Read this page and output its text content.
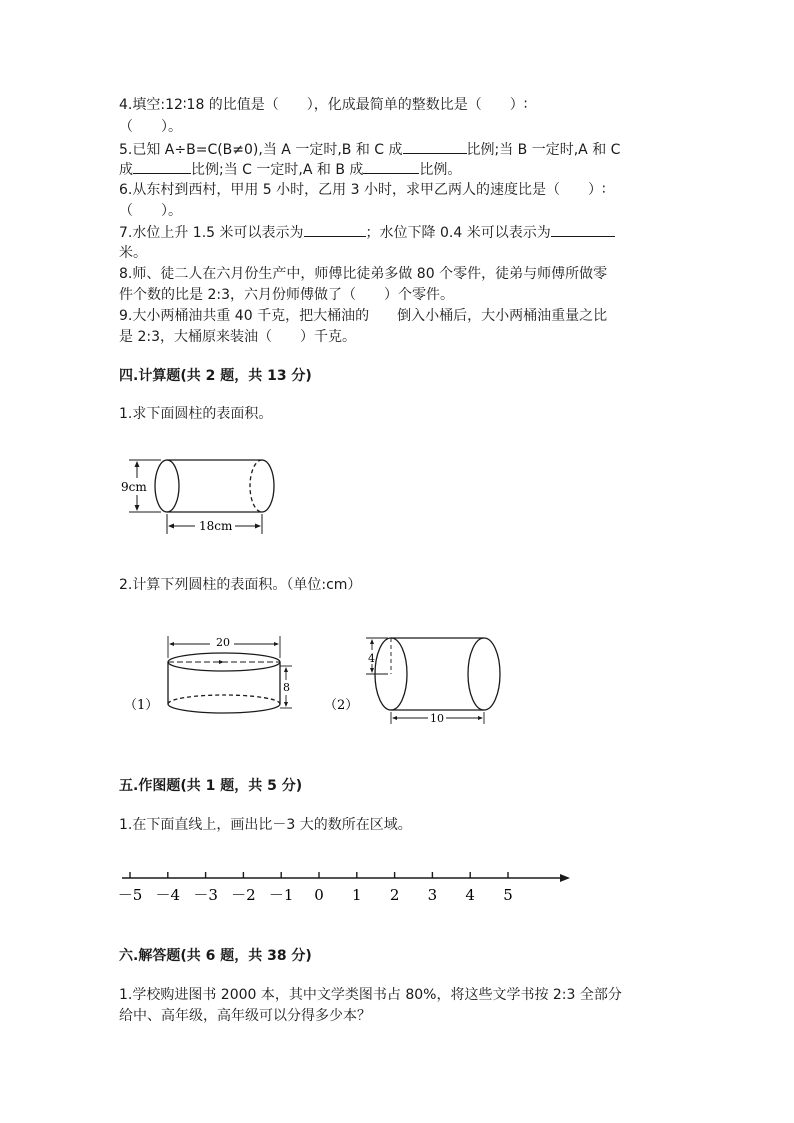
4.填空:12∶18 的比值是（　　），化成最简单的整数比是（　　）∶
（　　）。
5.已知 A÷B=C(B≠0),当 A 一定时,B 和 C 成	比例;当 B 一定时,A 和 C
成	比例;当 C 一定时,A 和 B 成	比例。
6.从东村到西村，甲用 5 小时，乙用 3 小时，求甲乙两人的速度比是（　　）∶
（　　）。
7.水位上升 1.5 米可以表示为	；水位下降 0.4 米可以表示为
米。
8.师、徒二人在六月份生产中，师傅比徒弟多做 80 个零件，徒弟与师傅所做零
件个数的比是 2:3，六月份师傅做了（　　）个零件。
9.大小两桶油共重 40 千克，把大桶油的　　倒入小桶后，大小两桶油重量之比
是 2:3，大桶原来装油（　　）千克。
四.计算题(共 2 题，共 13 分)
1.求下面圆柱的表面积。
9cm
18cm
2.计算下列圆柱的表面积。（单位:cm）
20
8
（1）
4
10
（2）
五.作图题(共 1 题，共 5 分)
1.在下面直线上，画出比－3 大的数所在区域。
－5 －4 －3 －2 －1 0 1 2 3 4 5
六.解答题(共 6 题，共 38 分)
1.学校购进图书 2000 本，其中文学类图书占 80%，将这些文学书按 2:3 全部分
给中、高年级，高年级可以分得多少本？
